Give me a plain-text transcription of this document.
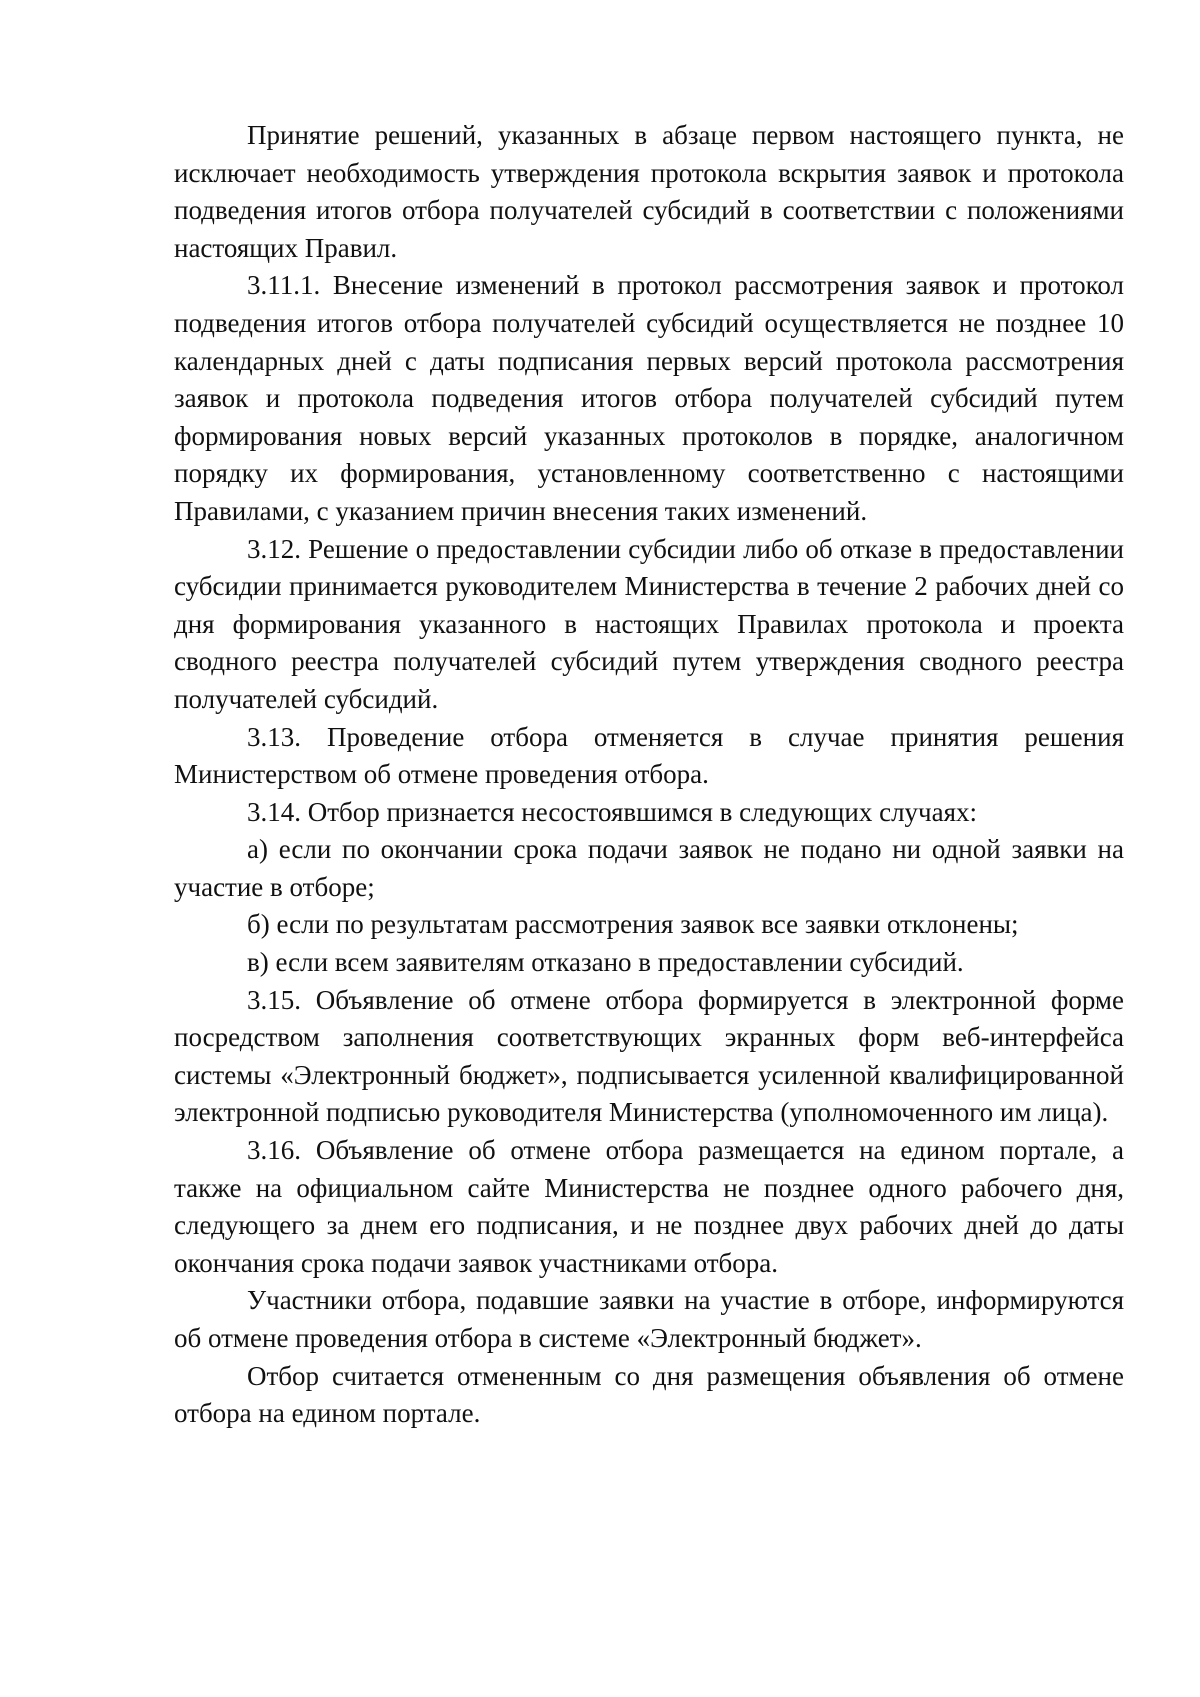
Принятие решений, указанных в абзаце первом настоящего пункта, не исключает необходимость утверждения протокола вскрытия заявок и протокола подведения итогов отбора получателей субсидий в соответствии с положениями настоящих Правил.

3.11.1. Внесение изменений в протокол рассмотрения заявок и протокол подведения итогов отбора получателей субсидий осуществляется не позднее 10 календарных дней с даты подписания первых версий протокола рассмотрения заявок и протокола подведения итогов отбора получателей субсидий путем формирования новых версий указанных протоколов в порядке, аналогичном порядку их формирования, установленному соответственно с настоящими Правилами, с указанием причин внесения таких изменений.

3.12. Решение о предоставлении субсидии либо об отказе в предоставлении субсидии принимается руководителем Министерства в течение 2 рабочих дней со дня формирования указанного в настоящих Правилах протокола и проекта сводного реестра получателей субсидий путем утверждения сводного реестра получателей субсидий.

3.13. Проведение отбора отменяется в случае принятия решения Министерством об отмене проведения отбора.

3.14. Отбор признается несостоявшимся в следующих случаях:

а) если по окончании срока подачи заявок не подано ни одной заявки на участие в отборе;

б) если по результатам рассмотрения заявок все заявки отклонены;

в) если всем заявителям отказано в предоставлении субсидий.

3.15. Объявление об отмене отбора формируется в электронной форме посредством заполнения соответствующих экранных форм веб-интерфейса системы «Электронный бюджет», подписывается усиленной квалифицированной электронной подписью руководителя Министерства (уполномоченного им лица).

3.16. Объявление об отмене отбора размещается на едином портале, а также на официальном сайте Министерства не позднее одного рабочего дня, следующего за днем его подписания, и не позднее двух рабочих дней до даты окончания срока подачи заявок участниками отбора.

Участники отбора, подавшие заявки на участие в отборе, информируются об отмене проведения отбора в системе «Электронный бюджет».

Отбор считается отмененным со дня размещения объявления об отмене отбора на едином портале.
